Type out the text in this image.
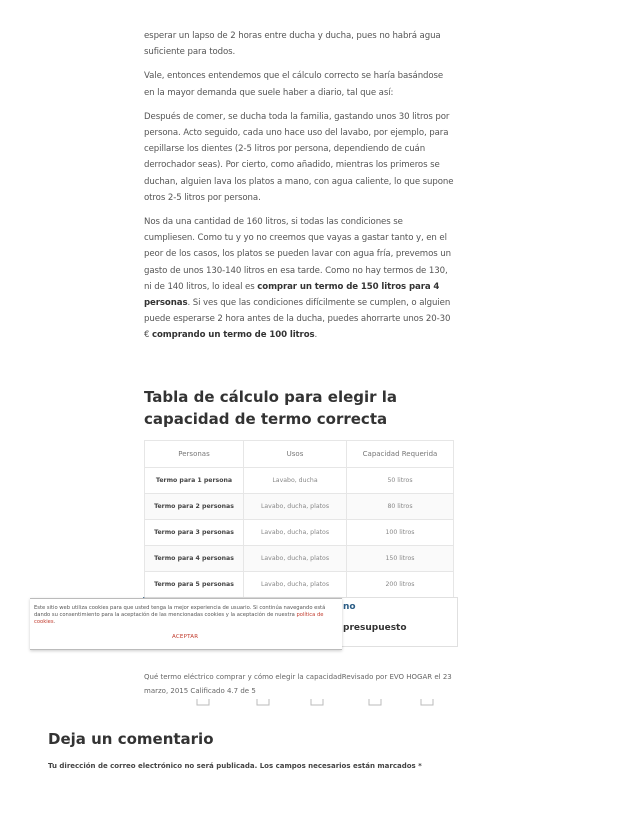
esperar un lapso de 2 horas entre ducha y ducha, pues no habrá agua suficiente para todos.

Vale, entonces entendemos que el cálculo correcto se haría basándose en la mayor demanda que suele haber a diario, tal que así:

Después de comer, se ducha toda la familia, gastando unos 30 litros por persona. Acto seguido, cada uno hace uso del lavabo, por ejemplo, para cepillarse los dientes (2-5 litros por persona, dependiendo de cuán derrochador seas). Por cierto, como añadido, mientras los primeros se duchan, alguien lava los platos a mano, con agua caliente, lo que supone otros 2-5 litros por persona.

Nos da una cantidad de 160 litros, si todas las condiciones se cumpliesen. Como tu y yo no creemos que vayas a gastar tanto y, en el peor de los casos, los platos se pueden lavar con agua fría, prevemos un gasto de unos 130-140 litros en esa tarde. Como no hay termos de 130, ni de 140 litros, lo ideal es comprar un termo de 150 litros para 4 personas. Si ves que las condiciones difícilmente se cumplen, o alguien puede esperarse 2 hora antes de la ducha, puedes ahorrarte unos 20-30 € comprando un termo de 100 litros.

Tabla de cálculo para elegir la capacidad de termo correcta
Personas	Usos	Capacidad Requerida
Termo para 1 persona	Lavabo, ducha	50 litros
Termo para 2 personas	Lavabo, ducha, platos	80 litros
Termo para 3 personas	Lavabo, ducha, platos	100 litros
Termo para 4 personas	Lavabo, ducha, platos	150 litros
Termo para 5 personas	Lavabo, ducha, platos	200 litros
no
presupuesto
Este sitio web utiliza cookies para que usted tenga la mejor experiencia de usuario. Si continúa navegando está dando su consentimiento para la aceptación de las mencionadas cookies y la aceptación de nuestra política de cookies.
ACEPTAR
Qué termo eléctrico comprar y cómo elegir la capacidadRevisado por EVO HOGAR el 23 marzo, 2015 Calificado 4.7 de 5
Deja un comentario
Tu dirección de correo electrónico no será publicada. Los campos necesarios están marcados *
